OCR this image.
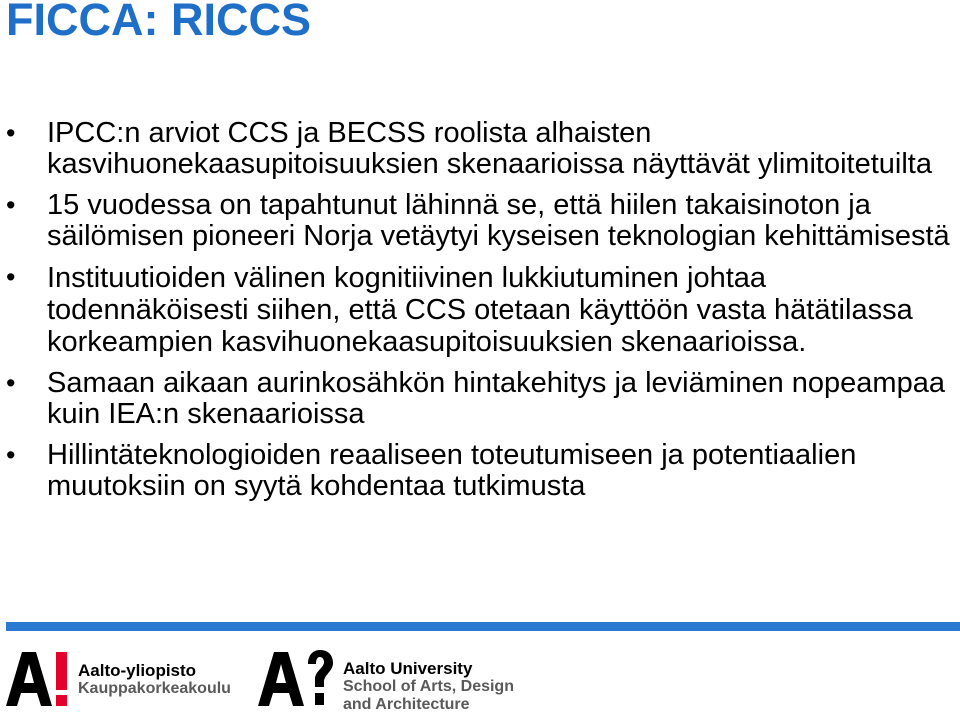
FICCA: RICCS
• IPCC:n arviot CCS ja BECSS roolista alhaisten kasvihuonekaasupitoisuuksien skenaarioissa näyttävät ylimitoitetuilta
• 15 vuodessa on tapahtunut lähinnä se, että hiilen takaisinoton ja säilömisen pioneeri Norja vetäytyi kyseisen teknologian kehittämisestä
• Instituutioiden välinen kognitiivinen lukkiutuminen johtaa todennäköisesti siihen, että CCS otetaan käyttöön vasta hätätilassa korkeampien kasvihuonekaasupitoisuuksien skenaarioissa.
• Samaan aikaan aurinkosähkön hintakehitys ja leviäminen nopeampaa kuin IEA:n skenaarioissa
• Hillintäteknologioiden reaaliseen toteutumiseen ja potentiaalien muutoksiin on syytä kohdentaa tutkimusta
Aalto-yliopisto
Kauppakorkeakoulu
Aalto University
School of Arts, Design
and Architecture
